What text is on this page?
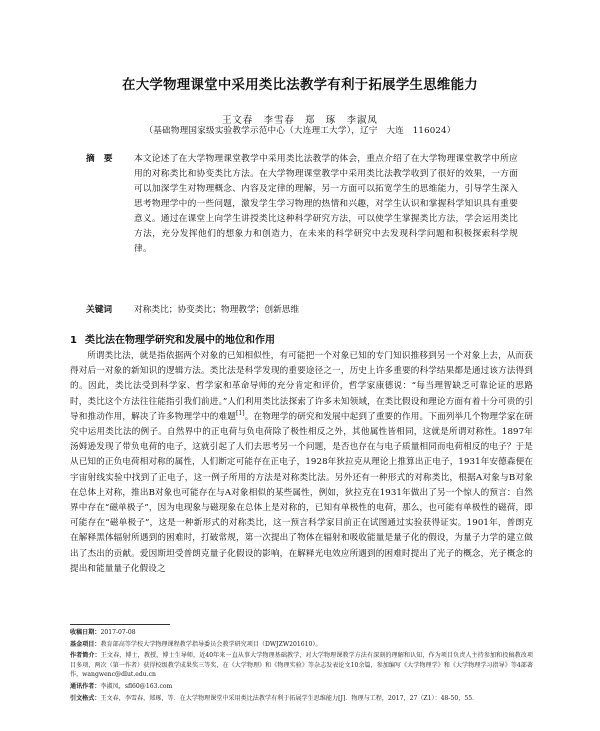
在大学物理课堂中采用类比法教学有利于拓展学生思维能力
王文春　李雪春　郑　琢　李淑凤
（基础物理国家级实验教学示范中心（大连理工大学），辽宁　大连　116024）
摘　要	本文论述了在大学物理课堂教学中采用类比法教学的体会，重点介绍了在大学物理课堂教学中所应用的对称类比和协变类比方法。在大学物理课堂教学中采用类比法教学收到了很好的效果，一方面可以加深学生对物理概念、内容及定律的理解，另一方面可以拓宽学生的思维能力，引导学生深入思考物理学中的一些问题，激发学生学习物理的热情和兴趣，对学生认识和掌握科学知识具有重要意义。通过在课堂上向学生讲授类比这种科学研究方法，可以使学生掌握类比方法，学会运用类比方法，充分发挥他们的想象力和创造力，在未来的科学研究中去发现科学问题和积极探索科学规律。
关键词	对称类比；协变类比；物理教学；创新思维
1 类比法在物理学研究和发展中的地位和作用
所谓类比法，就是指依据两个对象的已知相似性，有可能把一个对象已知的专门知识推移到另一个对象上去，从而获得对后一对象的新知识的逻辑方法。类比法是科学发现的重要途径之一，历史上许多重要的科学结果都是通过该方法得到的。因此，类比法受到科学家、哲学家和革命导师的充分肯定和评价，哲学家康德说：“每当理智缺乏可靠论证的思路时，类比这个方法往往能指引我们前进。”人们利用类比法探索了许多未知领域，在类比假设和理论方面有着十分可贵的引导和推动作用，解决了许多物理学中的难题[1]。在物理学的研究和发展中起到了重要的作用。下面列举几个物理学家在研究中运用类比法的例子。自然界中的正电荷与负电荷除了极性相反之外，其他属性皆相同，这就是所谓对称性。1897年汤姆逊发现了带负电荷的电子，这就引起了人们去思考另一个问题，是否也存在与电子质量相同而电荷相反的电子？于是从已知的正负电荷相对称的属性，人们断定可能存在正电子，1928年狄拉克从理论上推算出正电子，1931年安德森便在宇宙射线实验中找到了正电子，这一例子所用的方法是对称类比法。另外还有一种形式的对称类比，根据A对象与B对象在总体上对称，推出B对象也可能存在与A对象相似的某些属性，例如，狄拉克在1931年做出了另一个惊人的预言：自然界中存在“磁单极子”，因为电现象与磁现象在总体上是对称的，已知有单极性的电荷，那么，也可能有单极性的磁荷，即可能存在“磁单极子”，这是一种新形式的对称类比，这一预言科学家目前正在试图通过实验获得证实。1901年，普朗克在解释黑体辐射所遇到的困难时，打破常规，第一次提出了物体在辐射和吸收能量是量子化的假设，为量子力学的建立做出了杰出的贡献。爱因斯坦受普朗克量子化假设的影响，在解释光电效应所遇到的困难时提出了光子的概念，光子概念的提出和能量量子化假设之

收稿日期：2017-07-08

基金项目：教育部高等学校大学物理课程教学指导委员会教学研究项目（DWJZW201610）。

作者简介：王文春，博士，教授，博士生导师，近40年来一直从事大学物理基础教学，对大学物理课教学方法有深刻的理解和认知，作为项目负责人主持参加和投稿教改项目多项，两次（第一作者）获得校级教学成果奖三等奖，在《大学物理》和《物理实验》等杂志发表论文10余篇，参加编写《大学物理学》和《大学物理学习指导》等4部著作，wangwenc@dlut.edu.cn

通讯作者：李淑凤，sfl60@163.com

引文格式：王文春，李雪春，郑琢，等．在大学物理课堂中采用类比法教学有利于拓展学生思维能力[J]．物理与工程，2017，27（Z1）：48-50，55．
